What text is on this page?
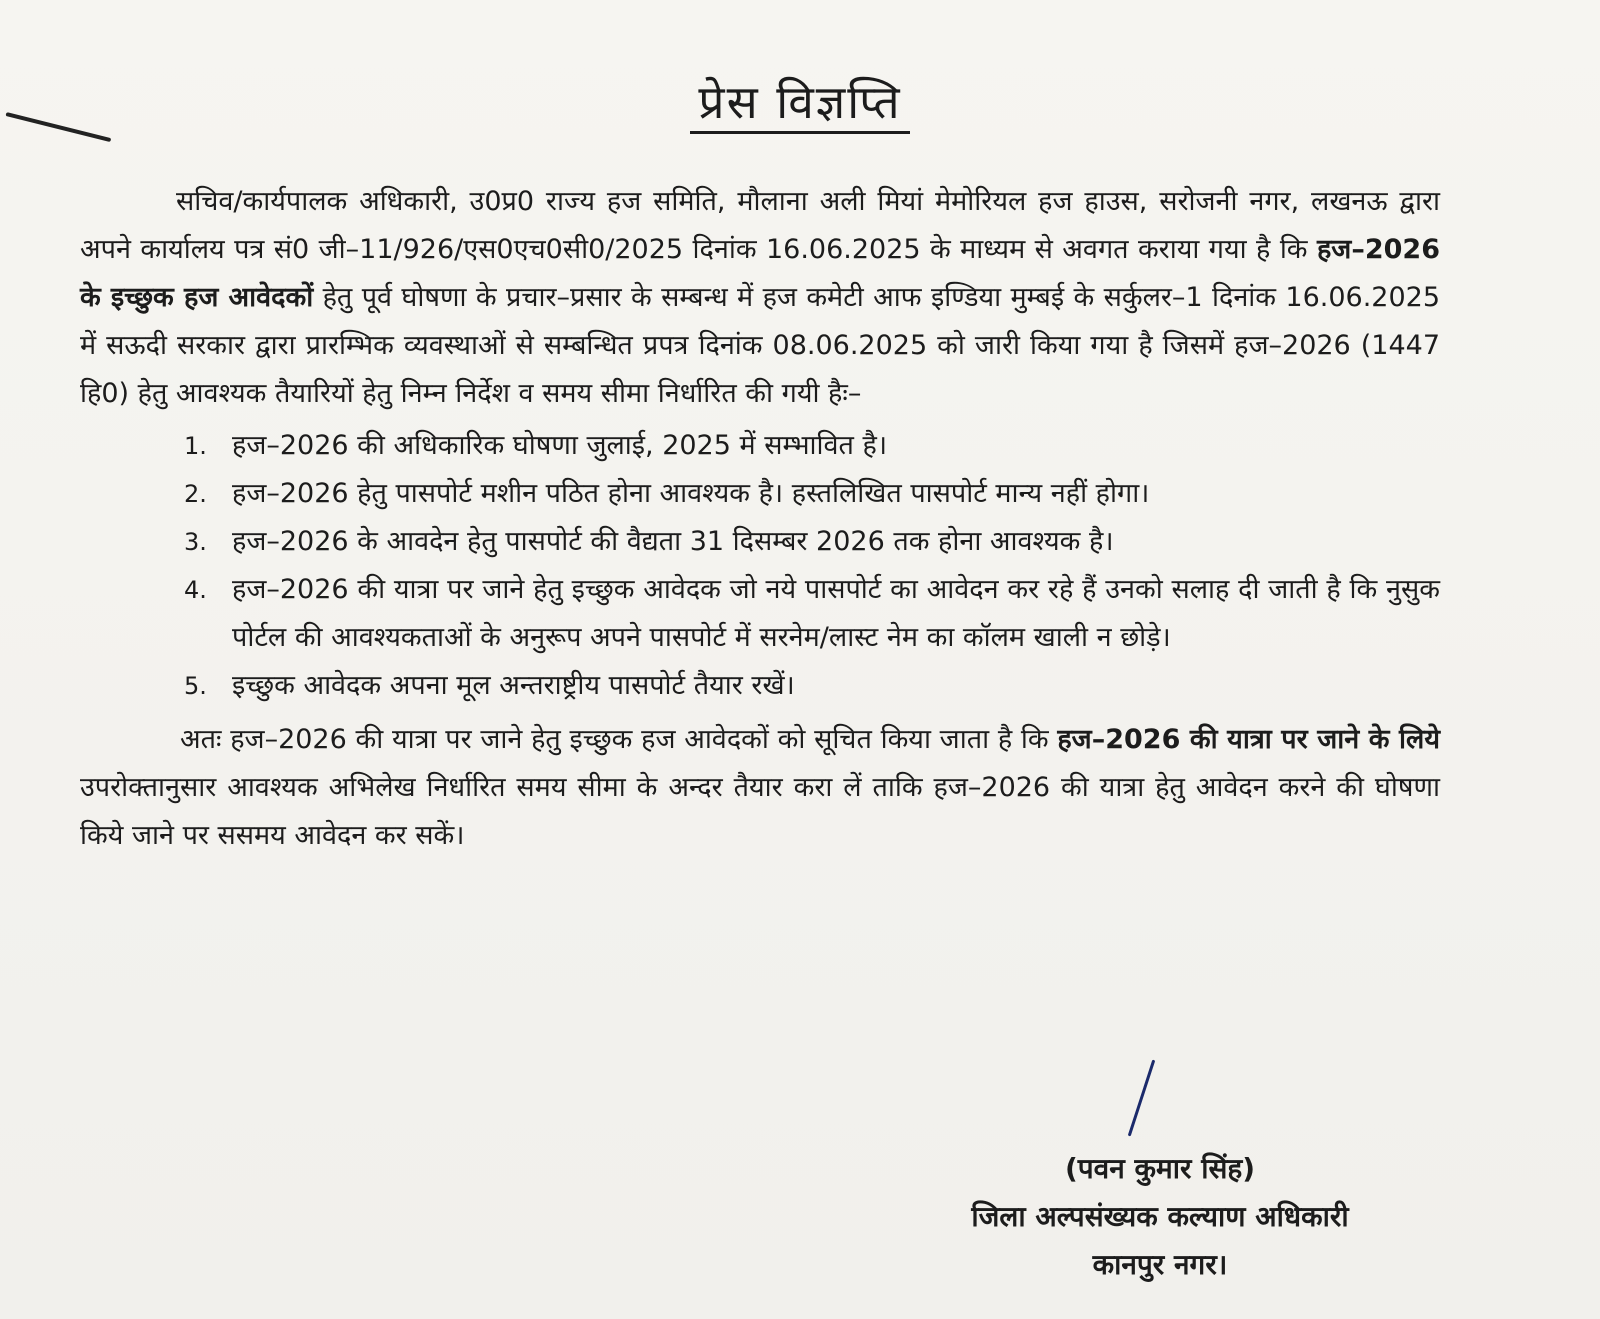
प्रेस विज्ञप्ति

सचिव/कार्यपालक अधिकारी, उ0प्र0 राज्य हज समिति, मौलाना अली मियां मेमोरियल हज हाउस, सरोजनी नगर, लखनऊ द्वारा अपने कार्यालय पत्र सं0 जी–11/926/एस0एच0सी0/2025 दिनांक 16.06.2025 के माध्यम से अवगत कराया गया है कि हज–2026 के इच्छुक हज आवेदकों हेतु पूर्व घोषणा के प्रचार–प्रसार के सम्बन्ध में हज कमेटी आफ इण्डिया मुम्बई के सर्कुलर–1 दिनांक 16.06.2025 में सऊदी सरकार द्वारा प्रारम्भिक व्यवस्थाओं से सम्बन्धित प्रपत्र दिनांक 08.06.2025 को जारी किया गया है जिसमें हज–2026 (1447 हि0) हेतु आवश्यक तैयारियों हेतु निम्न निर्देश व समय सीमा निर्धारित की गयी हैः–

1. हज–2026 की अधिकारिक घोषणा जुलाई, 2025 में सम्भावित है।
2. हज–2026 हेतु पासपोर्ट मशीन पठित होना आवश्यक है। हस्तलिखित पासपोर्ट मान्य नहीं होगा।
3. हज–2026 के आवदेन हेतु पासपोर्ट की वैद्यता 31 दिसम्बर 2026 तक होना आवश्यक है।
4. हज–2026 की यात्रा पर जाने हेतु इच्छुक आवेदक जो नये पासपोर्ट का आवेदन कर रहे हैं उनको सलाह दी जाती है कि नुसुक पोर्टल की आवश्यकताओं के अनुरूप अपने पासपोर्ट में सरनेम/लास्ट नेम का कॉलम खाली न छोड़े।
5. इच्छुक आवेदक अपना मूल अन्तराष्ट्रीय पासपोर्ट तैयार रखें।

अतः हज–2026 की यात्रा पर जाने हेतु इच्छुक हज आवेदकों को सूचित किया जाता है कि हज–2026 की यात्रा पर जाने के लिये उपरोक्तानुसार आवश्यक अभिलेख निर्धारित समय सीमा के अन्दर तैयार करा लें ताकि हज–2026 की यात्रा हेतु आवेदन करने की घोषणा किये जाने पर ससमय आवेदन कर सकें।

(पवन कुमार सिंह)
जिला अल्पसंख्यक कल्याण अधिकारी
कानपुर नगर।
